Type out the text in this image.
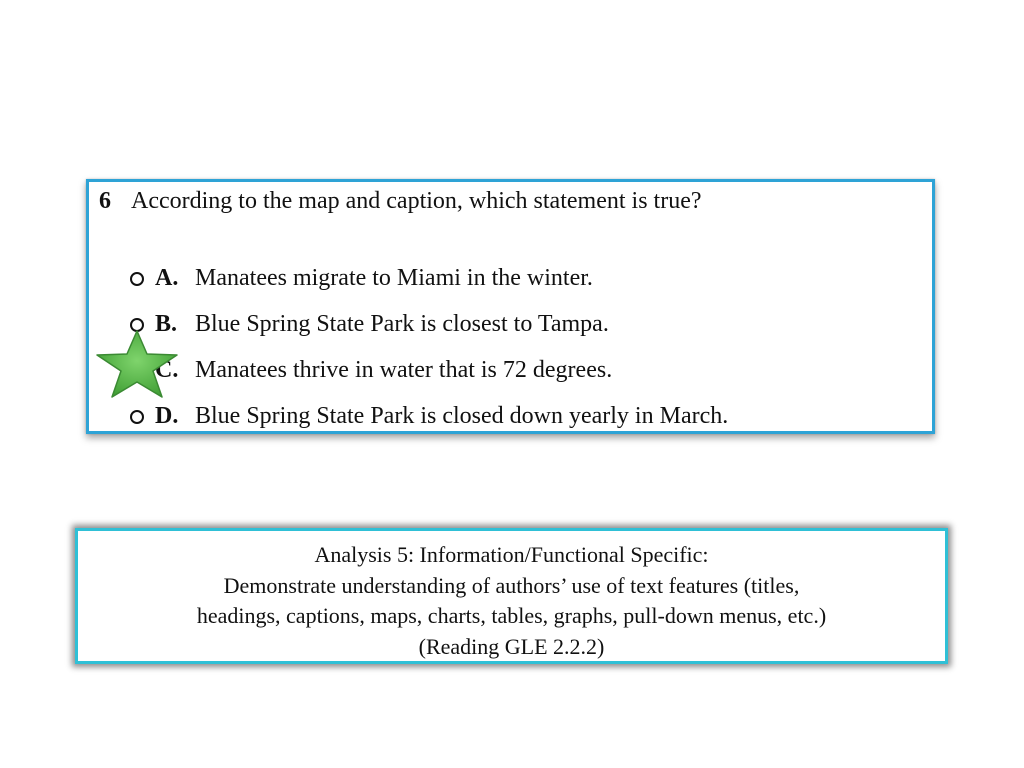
6 According to the map and caption, which statement is true?
A. Manatees migrate to Miami in the winter.
B. Blue Spring State Park is closest to Tampa.
C. Manatees thrive in water that is 72 degrees.
D. Blue Spring State Park is closed down yearly in March.
Analysis 5: Information/Functional Specific:
Demonstrate understanding of authors’ use of text features (titles,
headings, captions, maps, charts, tables, graphs, pull-down menus, etc.)
(Reading GLE 2.2.2)
